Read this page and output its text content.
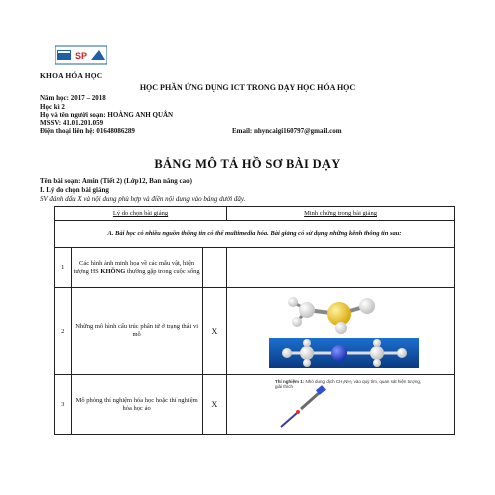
SP
KHOA HÓA HỌC
HỌC PHẦN ỨNG DỤNG ICT TRONG DẠY HỌC HÓA HỌC
Năm học: 2017 – 2018
Học kì 2
Họ và tên người soạn: HOÀNG ANH QUÂN
MSSV: 41.01.201.059
Điện thoại liên hệ: 01648086289	Email: nhyncaigi160797@gmail.com
BẢNG MÔ TẢ HỒ SƠ BÀI DẠY
Tên bài soạn: Amin (Tiết 2) (Lớp12, Ban nâng cao)
I. Lý do chọn bài giảng
SV đánh dấu X và nội dung phù hợp và điền nội dung vào bảng dưới đây.
Lý do chọn bài giảng			Minh chứng trong bài giảng
A. Bài học có nhiều nguồn thông tin có thể multimedia hóa. Bài giảng có sử dụng những kênh thông tin sau:			
1	Các hình ảnh minh họa về các mẫu vật, hiện tượng HS KHÔNG thường gặp trong cuộc sống		
2	Những mô hình cấu trúc phân tử ở trạng thái vi mô	X	
3	Mô phỏng thí nghiệm hóa học hoặc thí nghiệm hóa học ảo	X	Thí nghiệm 1: Nhỏ dung dịch CH₃NH₂ vào quỳ tím, quan sát hiện tượng, giải thích
